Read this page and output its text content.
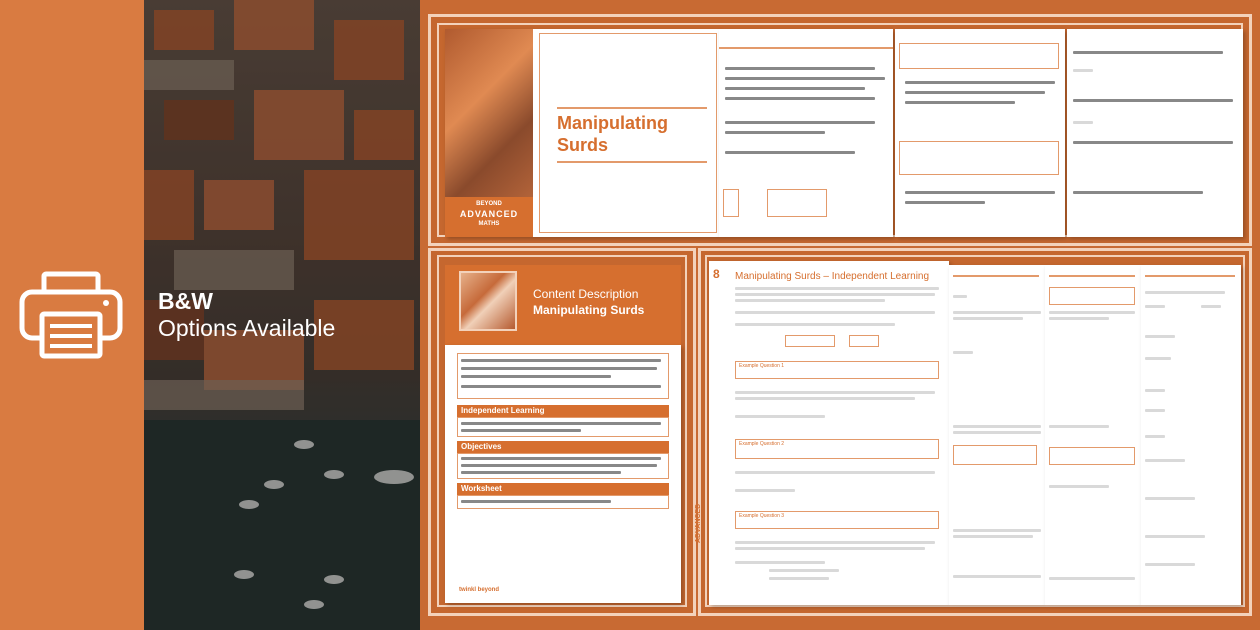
B&W
Options Available
BEYOND
ADVANCED
MATHS
Manipulating
Surds
Content Description
Manipulating Surds
Independent Learning
Objectives
Worksheet
twinkl beyond
8 Manipulating Surds – Independent Learning
Example Question 1
Example Question 2
Example Question 3
ADVANCED
